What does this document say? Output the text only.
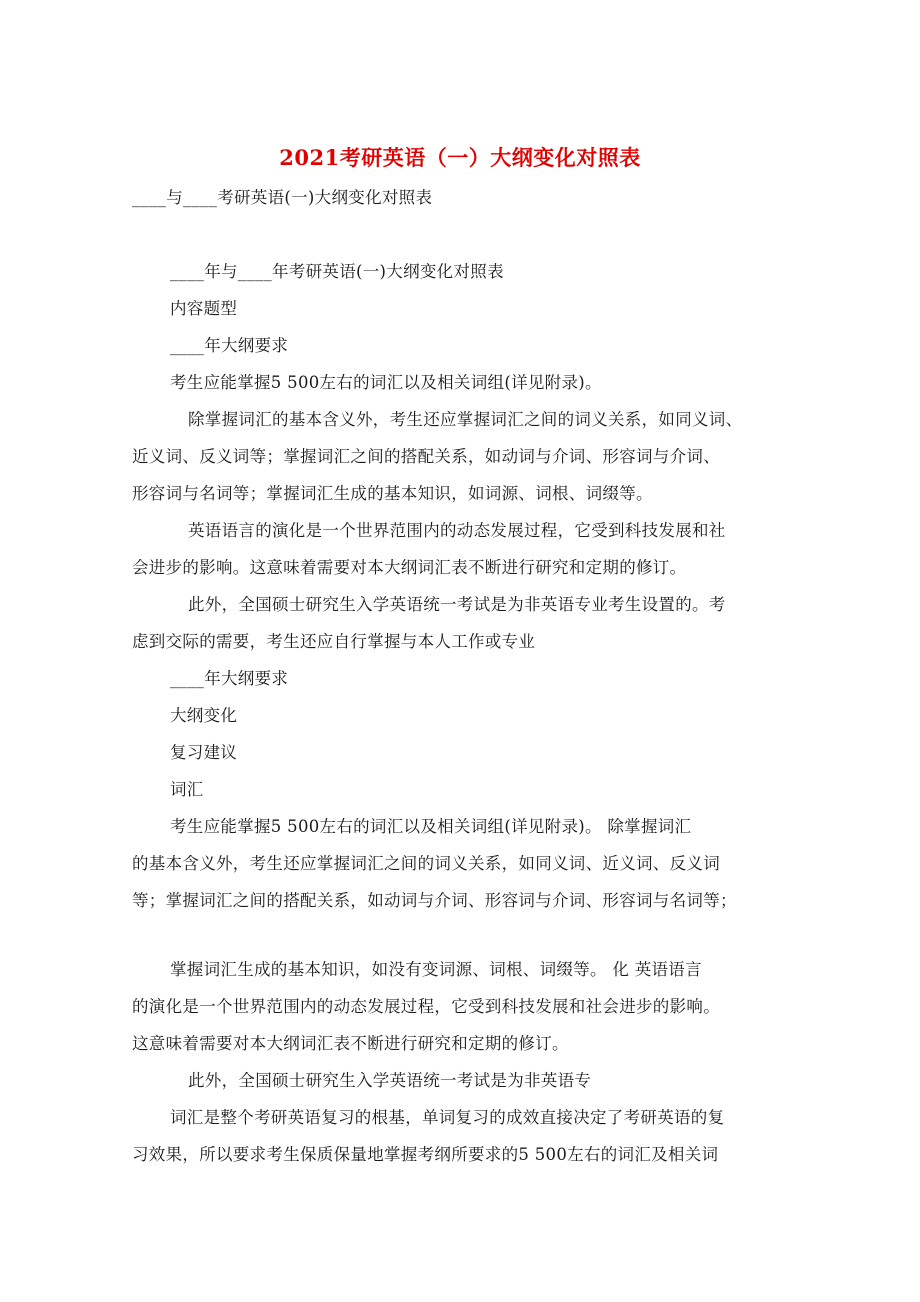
2021考研英语（一）大纲变化对照表
____与____考研英语(一)大纲变化对照表
____年与____年考研英语(一)大纲变化对照表
内容题型
____年大纲要求
考生应能掌握5 500左右的词汇以及相关词组(详见附录)。
除掌握词汇的基本含义外，考生还应掌握词汇之间的词义关系，如同义词、
近义词、反义词等；掌握词汇之间的搭配关系，如动词与介词、形容词与介词、
形容词与名词等；掌握词汇生成的基本知识，如词源、词根、词缀等。
英语语言的演化是一个世界范围内的动态发展过程，它受到科技发展和社
会进步的影响。这意味着需要对本大纲词汇表不断进行研究和定期的修订。
此外，全国硕士研究生入学英语统一考试是为非英语专业考生设置的。考
虑到交际的需要，考生还应自行掌握与本人工作或专业
____年大纲要求
大纲变化
复习建议
词汇
考生应能掌握5 500左右的词汇以及相关词组(详见附录)。 除掌握词汇
的基本含义外，考生还应掌握词汇之间的词义关系，如同义词、近义词、反义词
等；掌握词汇之间的搭配关系，如动词与介词、形容词与介词、形容词与名词等；
掌握词汇生成的基本知识，如没有变词源、词根、词缀等。 化 英语语言
的演化是一个世界范围内的动态发展过程，它受到科技发展和社会进步的影响。
这意味着需要对本大纲词汇表不断进行研究和定期的修订。
此外，全国硕士研究生入学英语统一考试是为非英语专
词汇是整个考研英语复习的根基，单词复习的成效直接决定了考研英语的复
习效果，所以要求考生保质保量地掌握考纲所要求的5 500左右的词汇及相关词
